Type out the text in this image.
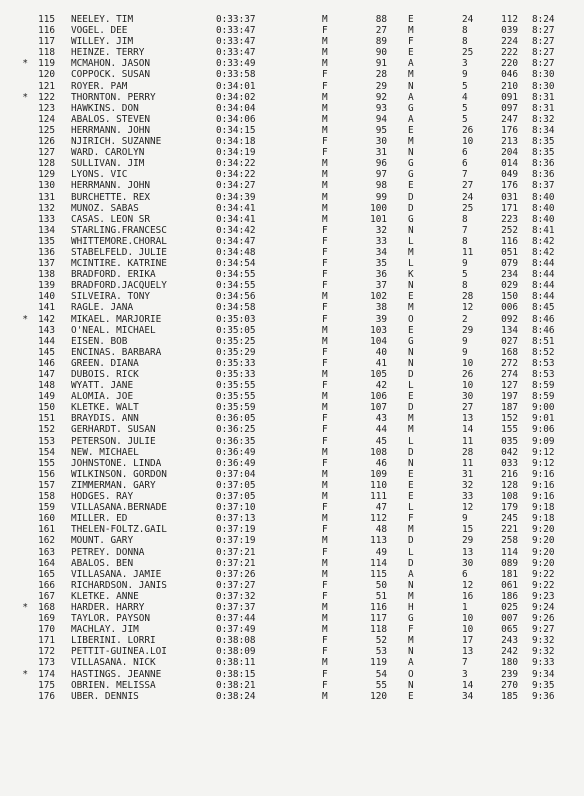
115 NEELEY. TIM	0:33:37	M	88 E	24	112 8:24
116 VOGEL. DEE	0:33:47	F	27 M	8	039 8:27
117 WILLEY. JIM	0:33:47	M	89 F	8	224 8:27
118 HEINZE. TERRY	0:33:47	M	90 E	25	222 8:27
*	119 MCMAHON. JASON	0:33:49	M	91 A	3	220 8:27
120 COPPOCK. SUSAN	0:33:58	F	28 M	9	046 8:30
121 ROYER. PAM	0:34:01	F	29 N	5	210 8:30
*	122 THORNTON. PERRY	0:34:02	M	92 A	4	091 8:31
123 HAWKINS. DON	0:34:04	M	93 G	5	097 8:31
124 ABALOS. STEVEN	0:34:06	M	94 A	5	247 8:32
125 HERRMANN. JOHN	0:34:15	M	95 E	26	176 8:34
126 NJIRICH. SUZANNE	0:34:18	F	30 M	10	213 8:35
127 WARD. CAROLYN	0:34:19	F	31 N	6	204 8:35
128 SULLIVAN. JIM	0:34:22	M	96 G	6	014 8:36
129 LYONS. VIC	0:34:22	M	97 G	7	049 8:36
130 HERRMANN. JOHN	0:34:27	M	98 E	27	176 8:37
131 BURCHETTE. REX	0:34:39	M	99 D	24	031 8:40
132 MUNOZ. SABAS	0:34:41	M	100 D	25	171 8:40
133 CASAS. LEON SR	0:34:41	M	101 G	8	223 8:40
134 STARLING.FRANCESC	0:34:42	F	32 N	7	252 8:41
135 WHITTEMORE.CHORAL	0:34:47	F	33 L	8	116 8:42
136 STABELFELD. JULIE	0:34:48	F	34 M	11	051 8:42
137 MCINTIRE. KATRINE	0:34:54	F	35 L	9	079 8:44
138 BRADFORD. ERIKA	0:34:55	F	36 K	5	234 8:44
139 BRADFORD.JACQUELY	0:34:55	F	37 N	8	029 8:44
140 SILVEIRA. TONY	0:34:56	M	102 E	28	150 8:44
141 RAGLE. JANA	0:34:58	F	38 M	12	006 8:45
*	142 MIKAEL. MARJORIE	0:35:03	F	39 O	2	092 8:46
143 O'NEAL. MICHAEL	0:35:05	M	103 E	29	134 8:46
144 EISEN. BOB	0:35:25	M	104 G	9	027 8:51
145 ENCINAS. BARBARA	0:35:29	F	40 N	9	168 8:52
146 GREEN. DIANA	0:35:33	F	41 N	10	272 8:53
147 DUBOIS. RICK	0:35:33	M	105 D	26	274 8:53
148 WYATT. JANE	0:35:55	F	42 L	10	127 8:59
149 ALOMIA. JOE	0:35:55	M	106 E	30	197 8:59
150 KLETKE. WALT	0:35:59	M	107 D	27	187 9:00
151 BRAYDIS. ANN	0:36:05	F	43 M	13	152 9:01
152 GERHARDT. SUSAN	0:36:25	F	44 M	14	155 9:06
153 PETERSON. JULIE	0:36:35	F	45 L	11	035 9:09
154 NEW. MICHAEL	0:36:49	M	108 D	28	042 9:12
155 JOHNSTONE. LINDA	0:36:49	F	46 N	11	033 9:12
156 WILKINSON. GORDON	0:37:04	M	109 E	31	216 9:16
157 ZIMMERMAN. GARY	0:37:05	M	110 E	32	128 9:16
158 HODGES. RAY	0:37:05	M	111 E	33	108 9:16
159 VILLASANA.BERNADE	0:37:10	F	47 L	12	179 9:18
160 MILLER. ED	0:37:13	M	112 F	9	245 9:18
161 THELEN-FOLTZ.GAIL	0:37:19	F	48 M	15	221 9:20
162 MOUNT. GARY	0:37:19	M	113 D	29	258 9:20
163 PETREY. DONNA	0:37:21	F	49 L	13	114 9:20
164 ABALOS. BEN	0:37:21	M	114 D	30	089 9:20
165 VILLASANA. JAMIE	0:37:26	M	115 A	6	181 9:22
166 RICHARDSON. JANIS	0:37:27	F	50 N	12	061 9:22
167 KLETKE. ANNE	0:37:32	F	51 M	16	186 9:23
*	168 HARDER. HARRY	0:37:37	M	116 H	1	025 9:24
169 TAYLOR. PAYSON	0:37:44	M	117 G	10	007 9:26
170 MACHLAY. JIM	0:37:49	M	118 F	10	065 9:27
171 LIBERINI. LORRI	0:38:08	F	52 M	17	243 9:32
172 PETTIT-GUINEA.LOI	0:38:09	F	53 N	13	242 9:32
173 VILLASANA. NICK	0:38:11	M	119 A	7	180 9:33
*	174 HASTINGS. JEANNE	0:38:15	F	54 O	3	239 9:34
175 OBRIEN. MELISSA	0:38:21	F	55 N	14	270 9:35
176 UBER. DENNIS	0:38:24	M	120 E	34	185 9:36
